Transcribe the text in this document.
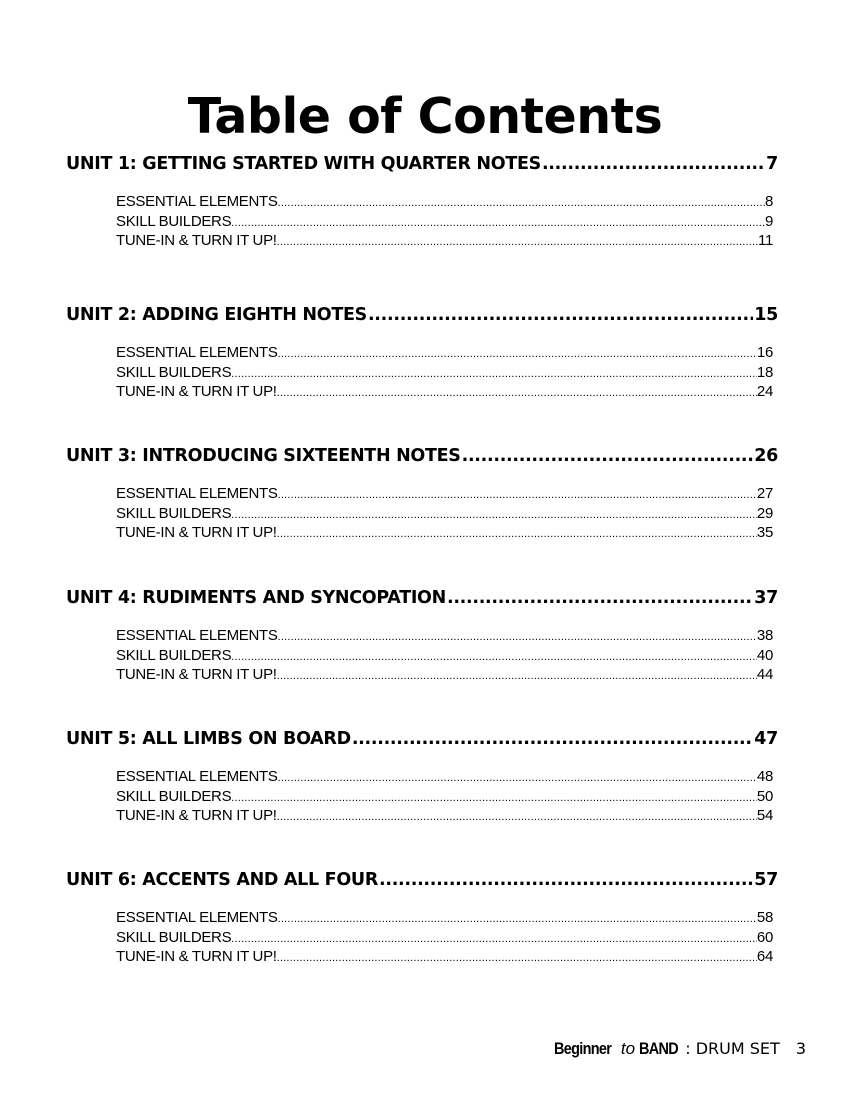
Table of Contents
UNIT 1: GETTING STARTED WITH QUARTER NOTES .....	7
ESSENTIAL ELEMENTS .....	8
SKILL BUILDERS .....	9
TUNE-IN & TURN IT UP! .....	11
UNIT 2: ADDING EIGHTH NOTES .....	15
ESSENTIAL ELEMENTS .....	16
SKILL BUILDERS .....	18
TUNE-IN & TURN IT UP! .....	24
UNIT 3: INTRODUCING SIXTEENTH NOTES .....	26
ESSENTIAL ELEMENTS .....	27
SKILL BUILDERS .....	29
TUNE-IN & TURN IT UP! .....	35
UNIT 4: RUDIMENTS AND SYNCOPATION .....	37
ESSENTIAL ELEMENTS .....	38
SKILL BUILDERS .....	40
TUNE-IN & TURN IT UP! .....	44
UNIT 5: ALL LIMBS ON BOARD .....	47
ESSENTIAL ELEMENTS .....	48
SKILL BUILDERS .....	50
TUNE-IN & TURN IT UP! .....	54
UNIT 6: ACCENTS AND ALL FOUR .....	57
ESSENTIAL ELEMENTS .....	58
SKILL BUILDERS .....	60
TUNE-IN & TURN IT UP! .....	64
Beginner to BAND : DRUM SET 3
